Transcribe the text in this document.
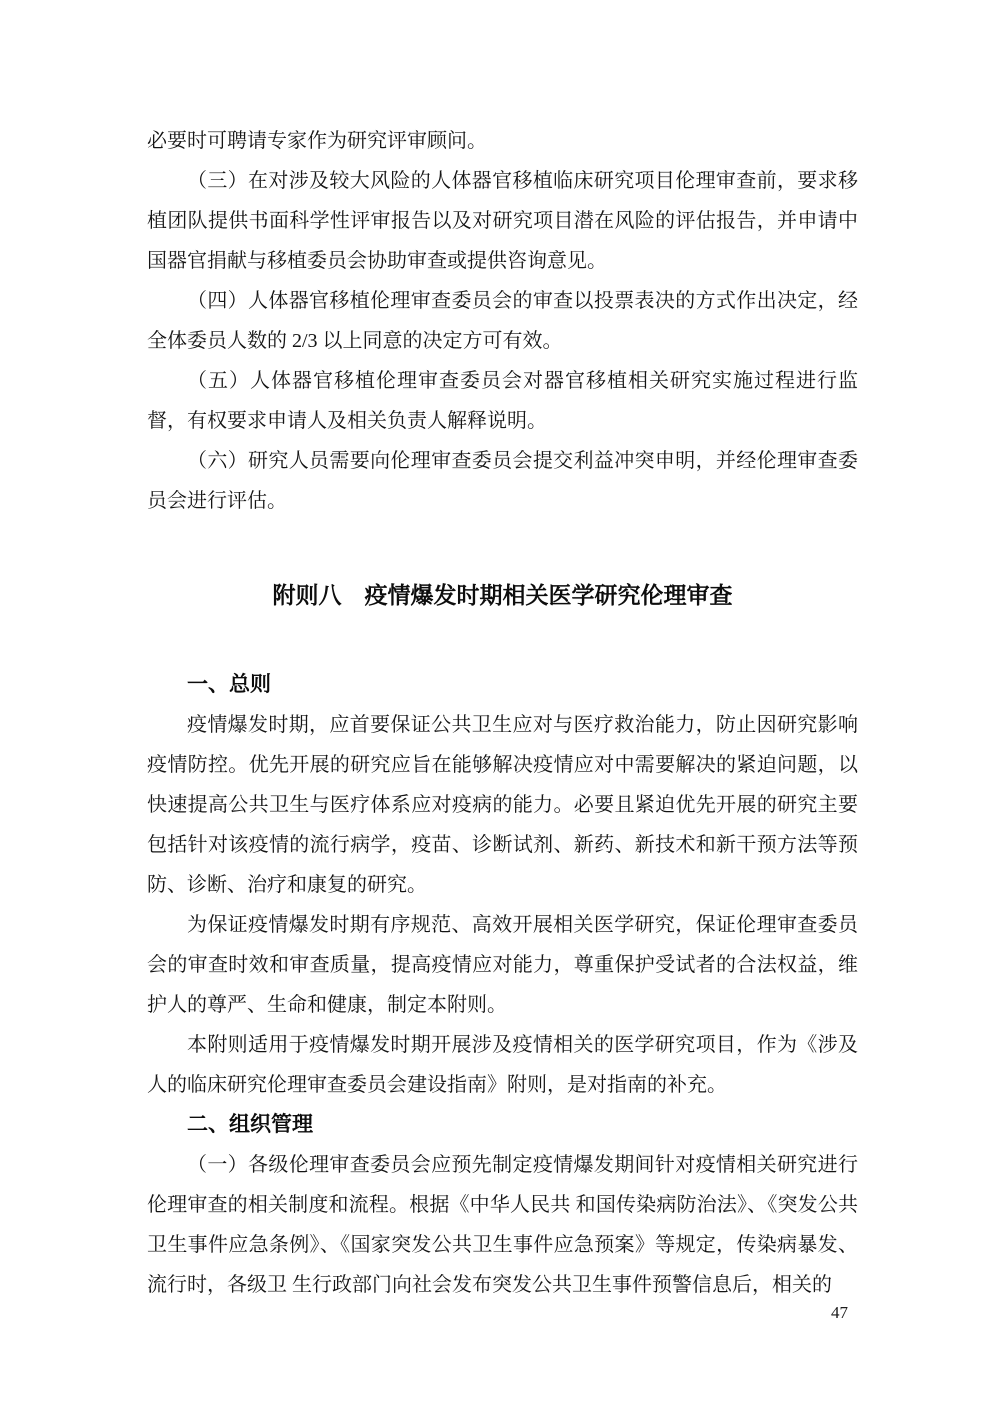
必要时可聘请专家作为研究评审顾问。

（三）在对涉及较大风险的人体器官移植临床研究项目伦理审查前，要求移植团队提供书面科学性评审报告以及对研究项目潜在风险的评估报告，并申请中国器官捐献与移植委员会协助审查或提供咨询意见。

（四）人体器官移植伦理审查委员会的审查以投票表决的方式作出决定，经全体委员人数的 2/3 以上同意的决定方可有效。

（五）人体器官移植伦理审查委员会对器官移植相关研究实施过程进行监督，有权要求申请人及相关负责人解释说明。

（六）研究人员需要向伦理审查委员会提交利益冲突申明，并经伦理审查委员会进行评估。

附则八　疫情爆发时期相关医学研究伦理审查
一、总则

疫情爆发时期，应首要保证公共卫生应对与医疗救治能力，防止因研究影响疫情防控。优先开展的研究应旨在能够解决疫情应对中需要解决的紧迫问题，以快速提高公共卫生与医疗体系应对疫病的能力。必要且紧迫优先开展的研究主要包括针对该疫情的流行病学，疫苗、诊断试剂、新药、新技术和新干预方法等预防、诊断、治疗和康复的研究。

为保证疫情爆发时期有序规范、高效开展相关医学研究，保证伦理审查委员会的审查时效和审查质量，提高疫情应对能力，尊重保护受试者的合法权益，维护人的尊严、生命和健康，制定本附则。

本附则适用于疫情爆发时期开展涉及疫情相关的医学研究项目，作为《涉及人的临床研究伦理审查委员会建设指南》附则，是对指南的补充。

二、组织管理

（一）各级伦理审查委员会应预先制定疫情爆发期间针对疫情相关研究进行伦理审查的相关制度和流程。根据《中华人民共 和国传染病防治法》、《突发公共卫生事件应急条例》、《国家突发公共卫生事件应急预案》等规定，传染病暴发、流行时，各级卫 生行政部门向社会发布突发公共卫生事件预警信息后，相关的

47
